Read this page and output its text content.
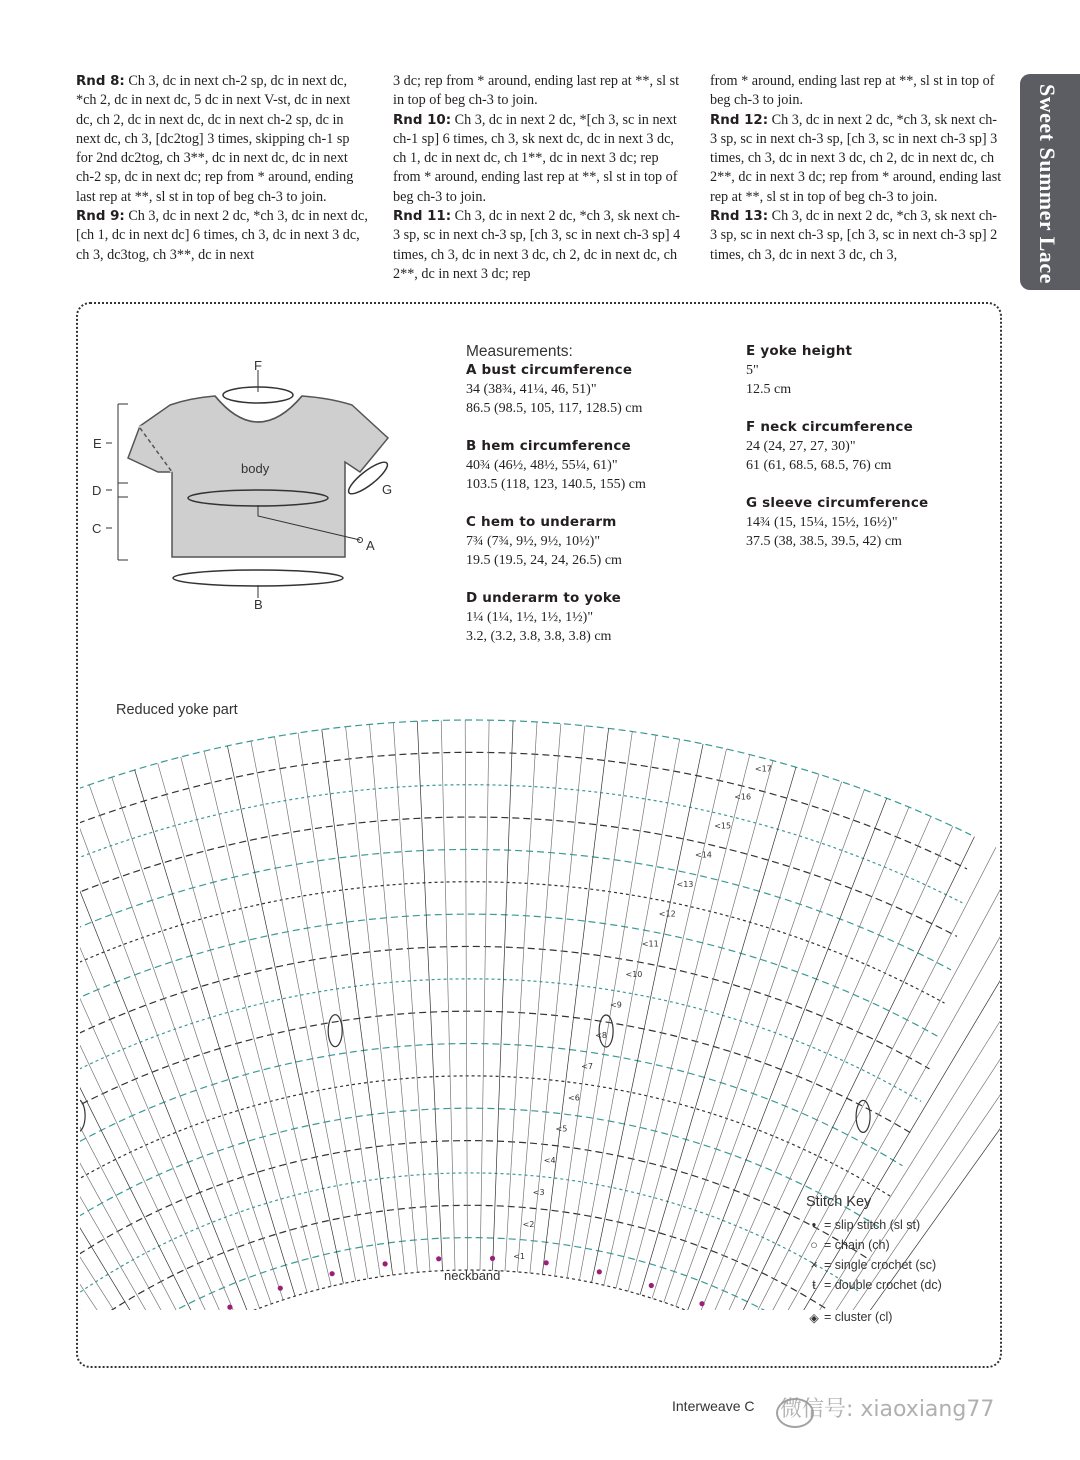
Rnd 8: Ch 3, dc in next ch-2 sp, dc in next dc, *ch 2, dc in next dc, 5 dc in next V-st, dc in next dc, ch 2, dc in next dc, dc in next ch-2 sp, dc in next dc, ch 3, [dc2tog] 3 times, skipping ch-1 sp for 2nd dc2tog, ch 3**, dc in next dc, dc in next ch-2 sp, dc in next dc; rep from * around, ending last rep at **, sl st in top of beg ch-3 to join.

Rnd 9: Ch 3, dc in next 2 dc, *ch 3, dc in next dc, [ch 1, dc in next dc] 6 times, ch 3, dc in next 3 dc, ch 3, dc3tog, ch 3**, dc in next

3 dc; rep from * around, ending last rep at **, sl st in top of beg ch-3 to join.

Rnd 10: Ch 3, dc in next 2 dc, *[ch 3, sc in next ch-1 sp] 6 times, ch 3, sk next dc, dc in next 3 dc, ch 1, dc in next dc, ch 1**, dc in next 3 dc; rep from * around, ending last rep at **, sl st in top of beg ch-3 to join.

Rnd 11: Ch 3, dc in next 2 dc, *ch 3, sk next ch-3 sp, sc in next ch-3 sp, [ch 3, sc in next ch-3 sp] 4 times, ch 3, dc in next 3 dc, ch 2, dc in next dc, ch 2**, dc in next 3 dc; rep

from * around, ending last rep at **, sl st in top of beg ch-3 to join.

Rnd 12: Ch 3, dc in next 2 dc, *ch 3, sk next ch-3 sp, sc in next ch-3 sp, [ch 3, sc in next ch-3 sp] 3 times, ch 3, dc in next 3 dc, ch 2, dc in next dc, ch 2**, dc in next 3 dc; rep from * around, ending last rep at **, sl st in top of beg ch-3 to join.

Rnd 13: Ch 3, dc in next 2 dc, *ch 3, sk next ch-3 sp, sc in next ch-3 sp, [ch 3, sc in next ch-3 sp] 2 times, ch 3, dc in next 3 dc, ch 3,	Sweet Summer Lace
body
F
E
D
C
A
B
G
Measurements:
A bust circumference
34 (38¾, 41¼, 46, 51)"
86.5 (98.5, 105, 117, 128.5) cm
B hem circumference
40¾ (46½, 48½, 55¼, 61)"
103.5 (118, 123, 140.5, 155) cm
C hem to underarm
7¾ (7¾, 9½, 9½, 10½)"
19.5 (19.5, 24, 24, 26.5) cm
D underarm to yoke
1¼ (1¼, 1½, 1½, 1½)"
3.2, (3.2, 3.8, 3.8, 3.8) cm
E yoke height
5"
12.5 cm
F neck circumference
24 (24, 27, 27, 30)"
61 (61, 68.5, 68.5, 76) cm
G sleeve circumference
14¾ (15, 15¼, 15½, 16½)"
37.5 (38, 38.5, 39.5, 42) cm
Reduced yoke part
<1
<2
<3
<4
<5
<6
<7
<8
<9
<10
<11
<12
<13
<14
<15
<16
<17
neckband
Stitch Key
• = slip stitch (sl st)
○ = chain (ch)
× = single crochet (sc)
ŧ = double crochet (dc)
◈ = cluster (cl)
Interweave C 微信号: xiaoxiang77
